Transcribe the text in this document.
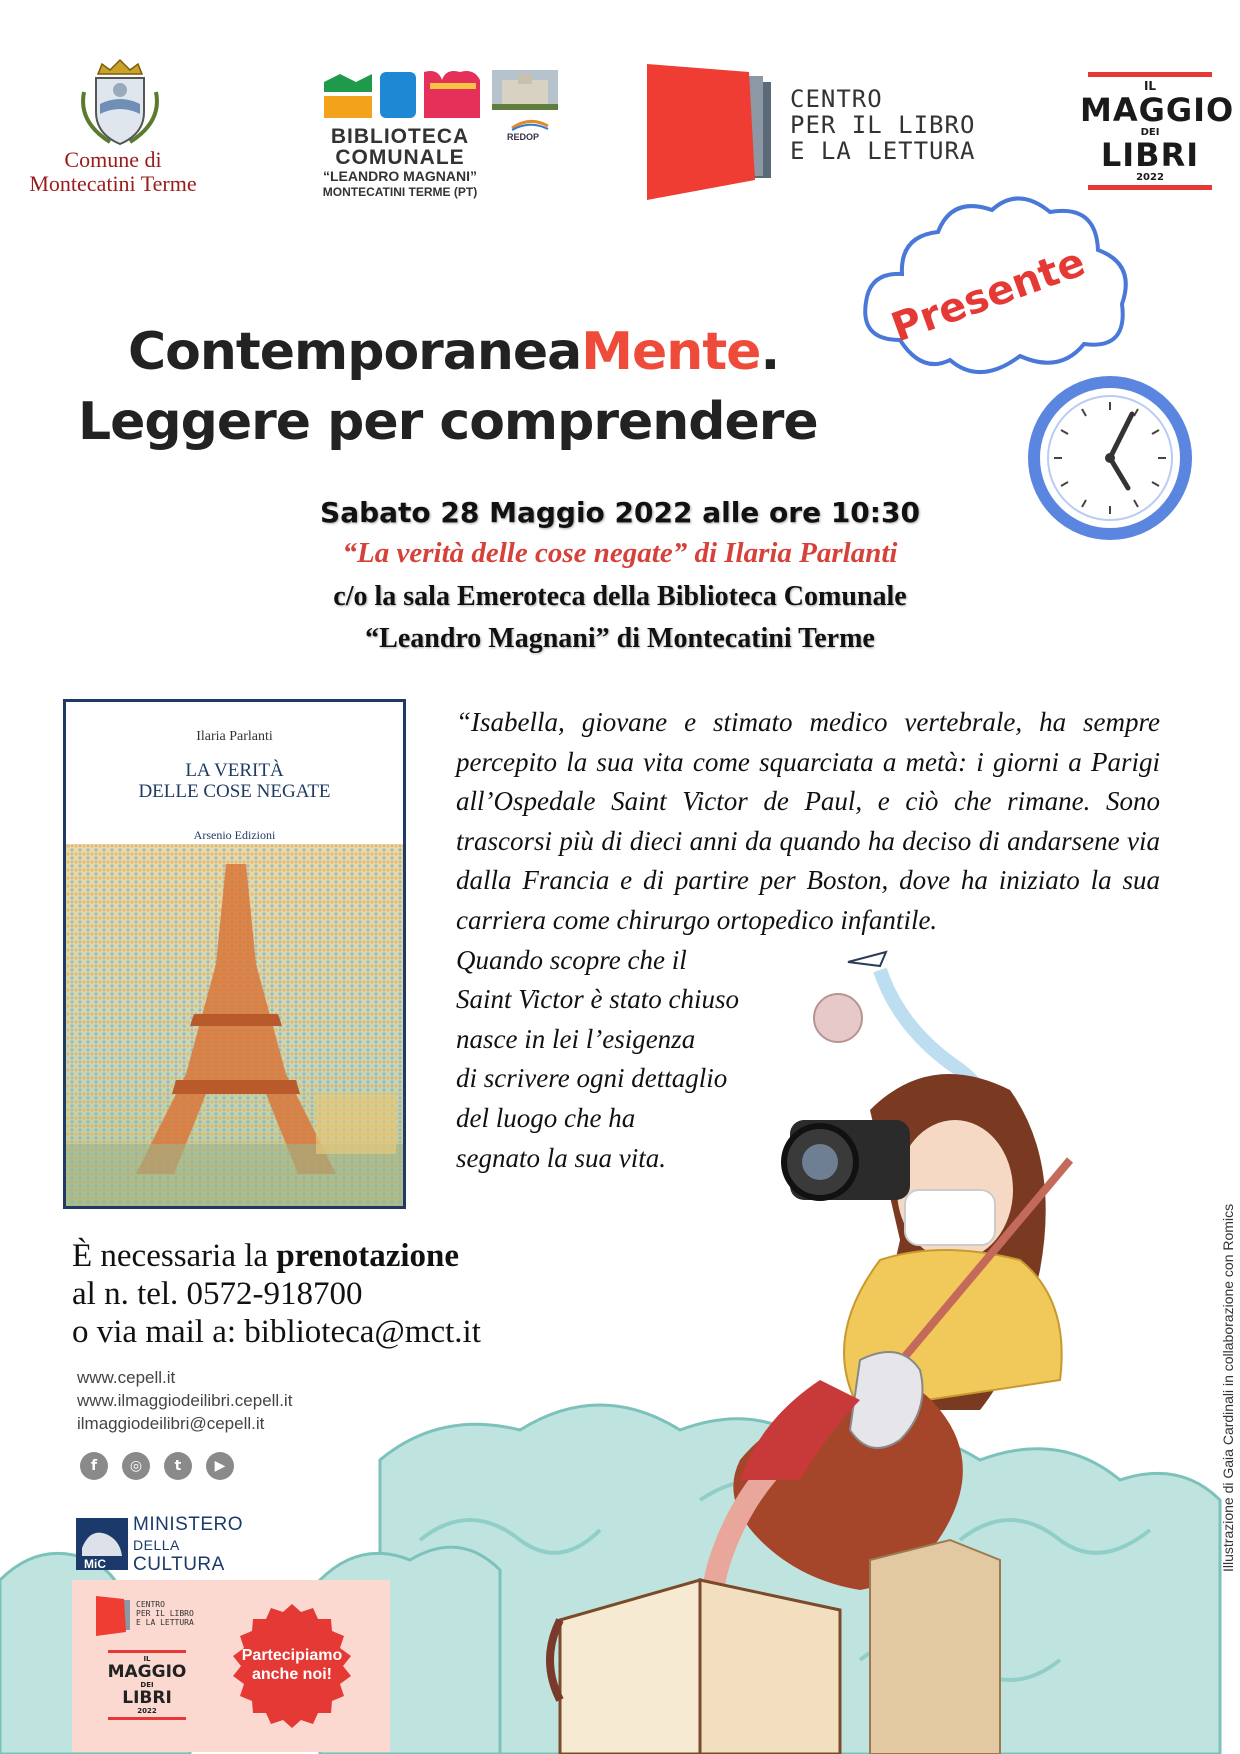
Comune di
Montecatini Terme
REDOP
BIBLIOTECA
COMUNALE
“LEANDRO MAGNANI”
MONTECATINI TERME (PT)
CENTRO
PER IL LIBRO
E LA LETTURA
IL
MAGGIO
DEI
LIBRI
2022
ContemporaneaMente.
Leggere per comprendere
Presente
Sabato 28 Maggio 2022 alle ore 10:30
“La verità delle cose negate” di Ilaria Parlanti
c/o la sala Emeroteca della Biblioteca Comunale
“Leandro Magnani” di Montecatini Terme
Ilaria Parlanti
LA VERITÀ
DELLE COSE NEGATE
Arsenio Edizioni

“Isabella, giovane e stimato medico vertebrale, ha sempre percepito la sua vita come squarciata a metà: i giorni a Parigi all’Ospedale Saint Victor de Paul, e ciò che rimane. Sono trascorsi più di dieci anni da quando ha deciso di andarsene via dalla Francia e di partire per Boston, dove ha iniziato la sua carriera come chirurgo ortopedico infantile.

Quando scopre che il
Saint Victor è stato chiuso
nasce in lei l’esigenza
di scrivere ogni dettaglio
del luogo che ha
segnato la sua vita.
È necessaria la prenotazione
al n. tel. 0572-918700
o via mail a: biblioteca@mct.it
www.cepell.it
www.ilmaggiodeilibri.cepell.it
ilmaggiodeilibri@cepell.it
f ◎ t ▶
MiC
MINISTERO
DELLA
CULTURA
CENTRO
PER IL LIBRO
E LA LETTURA
IL
MAGGIO
DEI
LIBRI
2022
Partecipiamo
anche noi!
Illustrazione di Gaia Cardinali in collaborazione con Romics
